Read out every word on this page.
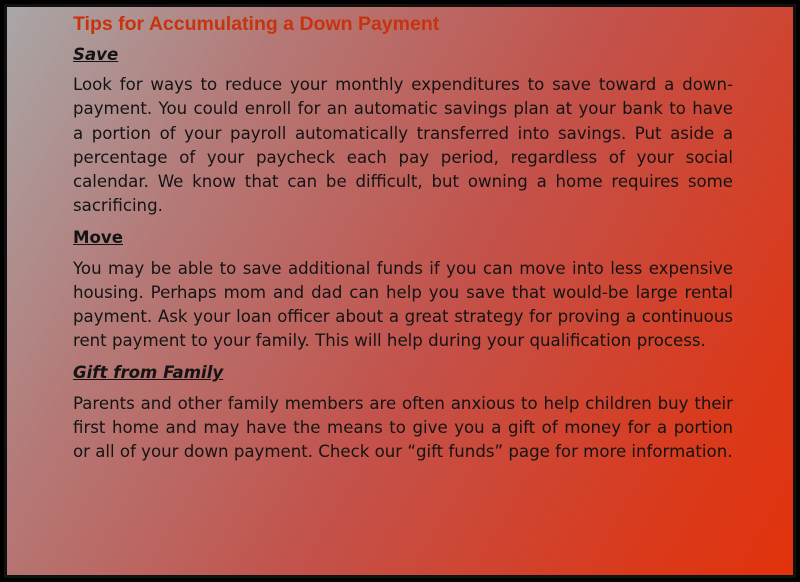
Tips for Accumulating a Down Payment

Save

Look for ways to reduce your monthly expenditures to save toward a down-payment. You could enroll for an automatic savings plan at your bank to have a portion of your payroll automatically transferred into savings. Put aside a percentage of your paycheck each pay period, regardless of your social calendar. We know that can be difficult, but owning a home requires some sacrificing.

Move

You may be able to save additional funds if you can move into less expensive housing. Perhaps mom and dad can help you save that would-be large rental payment. Ask your loan officer about a great strategy for proving a continuous rent payment to your family. This will help during your qualification process.

Gift from Family

Parents and other family members are often anxious to help children buy their first home and may have the means to give you a gift of money for a portion or all of your down payment. Check our “gift funds” page for more information.
